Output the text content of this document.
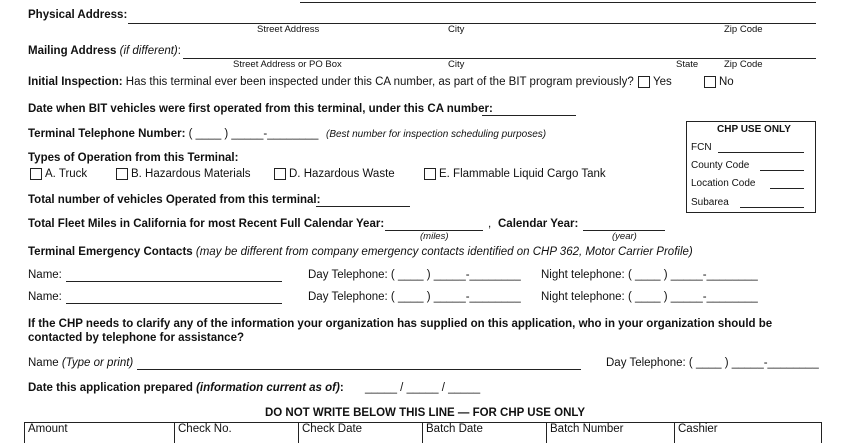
Physical Address:
Street Address	City	Zip Code
Mailing Address (if different):
Street Address or PO Box	City	State	Zip Code
Initial Inspection: Has this terminal ever been inspected under this CA number, as part of the BIT program previously? Yes	No
Date when BIT vehicles were first operated from this terminal, under this CA number:
Terminal Telephone Number: ( ____ ) _____-________ (Best number for inspection scheduling purposes)	CHP USE ONLY
FCN
County Code
Location Code
Subarea
Types of Operation from this Terminal:
A. Truck	B. Hazardous Materials	D. Hazardous Waste	E. Flammable Liquid Cargo Tank
Total number of vehicles Operated from this terminal:
Total Fleet Miles in California for most Recent Full Calendar Year:	, Calendar Year:
(miles)	(year)
Terminal Emergency Contacts (may be different from company emergency contacts identified on CHP 362, Motor Carrier Profile)
Name:	Day Telephone: ( ____ ) _____-________ Night telephone: ( ____ ) _____-________
Name:	Day Telephone: ( ____ ) _____-________ Night telephone: ( ____ ) _____-________
If the CHP needs to clarify any of the information your organization has supplied on this application, who in your organization should be
contacted by telephone for assistance?
Name (Type or print)	Day Telephone: ( ____ ) _____-________
Date this application prepared (information current as of): _____ / _____ / _____
DO NOT WRITE BELOW THIS LINE — FOR CHP USE ONLY
Amount	Check No.	Check Date	Batch Date	Batch Number	Cashier
